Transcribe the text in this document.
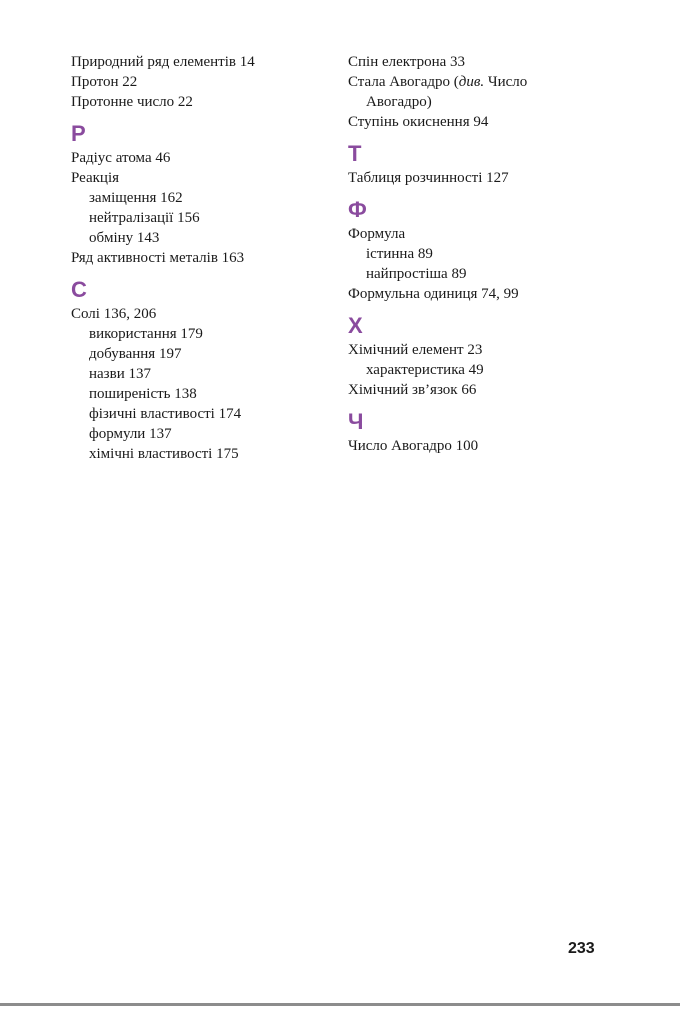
Природний ряд елементів 14
Протон 22
Протонне число 22
Р
Радіус атома 46
Реакція
заміщення 162
нейтралізації 156
обміну 143
Ряд активності металів 163
С
Солі 136, 206
використання 179
добування 197
назви 137
поширеність 138
фізичні властивості 174
формули 137
хімічні властивості 175
Спін електрона 33
Стала Авогадро (див. Число
Авогадро)
Ступінь окиснення 94
Т
Таблиця розчинності 127
Ф
Формула
істинна 89
найпростіша 89
Формульна одиниця 74, 99
Х
Хімічний елемент 23
характеристика 49
Хімічний зв’язок 66
Ч
Число Авогадро 100
233
